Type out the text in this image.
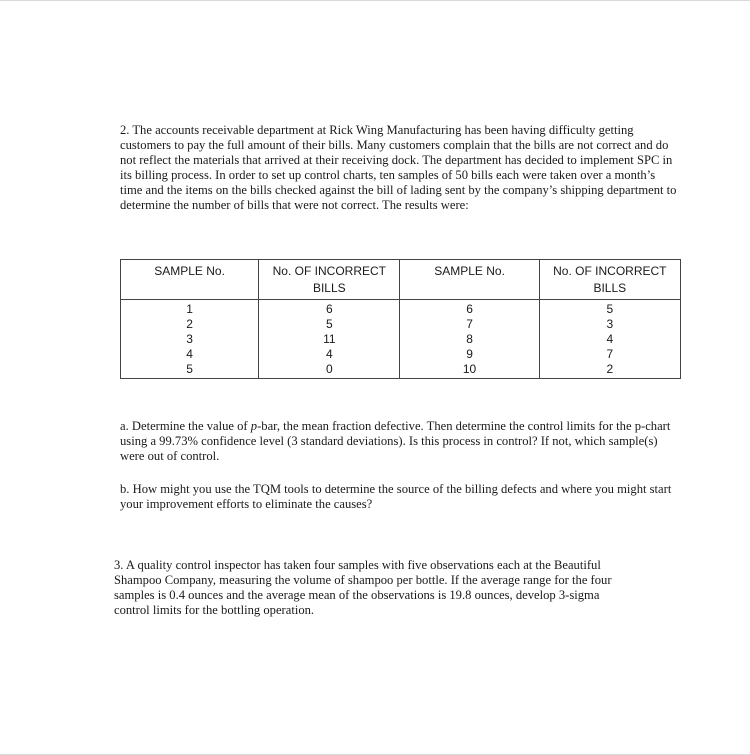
2. The accounts receivable department at Rick Wing Manufacturing has been having difficulty getting customers to pay the full amount of their bills. Many customers complain that the bills are not correct and do not reflect the materials that arrived at their receiving dock. The department has decided to implement SPC in its billing process. In order to set up control charts, ten samples of 50 bills each were taken over a month’s time and the items on the bills checked against the bill of lading sent by the company’s shipping department to determine the number of bills that were not correct. The results were:

SAMPLE No.	No. OF INCORRECT BILLS	SAMPLE No.	No. OF INCORRECT BILLS
1	6	6	5
2	5	7	3
3	11	8	4
4	4	9	7
5	0	10	2

a. Determine the value of p-bar, the mean fraction defective. Then determine the control limits for the p-chart using a 99.73% confidence level (3 standard deviations). Is this process in control? If not, which sample(s) were out of control.

b. How might you use the TQM tools to determine the source of the billing defects and where you might start your improvement efforts to eliminate the causes?

3. A quality control inspector has taken four samples with five observations each at the Beautiful Shampoo Company, measuring the volume of shampoo per bottle. If the average range for the four samples is 0.4 ounces and the average mean of the observations is 19.8 ounces, develop 3-sigma control limits for the bottling operation.
